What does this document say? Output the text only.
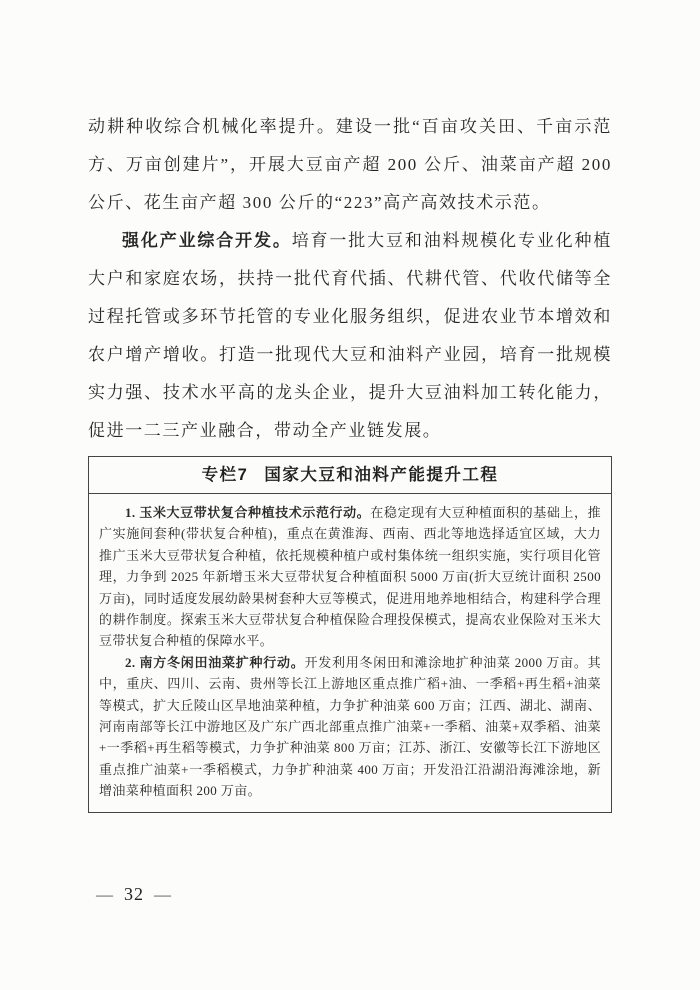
动耕种收综合机械化率提升。建设一批“百亩攻关田、千亩示范方、万亩创建片”，开展大豆亩产超 200 公斤、油菜亩产超 200 公斤、花生亩产超 300 公斤的“223”高产高效技术示范。

强化产业综合开发。培育一批大豆和油料规模化专业化种植大户和家庭农场，扶持一批代育代插、代耕代管、代收代储等全过程托管或多环节托管的专业化服务组织，促进农业节本增效和农户增产增收。打造一批现代大豆和油料产业园，培育一批规模实力强、技术水平高的龙头企业，提升大豆油料加工转化能力，促进一二三产业融合，带动全产业链发展。

专栏7 国家大豆和油料产能提升工程

1. 玉米大豆带状复合种植技术示范行动。在稳定现有大豆种植面积的基础上，推广实施间套种(带状复合种植)，重点在黄淮海、西南、西北等地选择适宜区域，大力推广玉米大豆带状复合种植，依托规模种植户或村集体统一组织实施，实行项目化管理，力争到 2025 年新增玉米大豆带状复合种植面积 5000 万亩(折大豆统计面积 2500 万亩)，同时适度发展幼龄果树套种大豆等模式，促进用地养地相结合，构建科学合理的耕作制度。探索玉米大豆带状复合种植保险合理投保模式，提高农业保险对玉米大豆带状复合种植的保障水平。

2. 南方冬闲田油菜扩种行动。开发利用冬闲田和滩涂地扩种油菜 2000 万亩。其中，重庆、四川、云南、贵州等长江上游地区重点推广稻+油、一季稻+再生稻+油菜等模式，扩大丘陵山区旱地油菜种植，力争扩种油菜 600 万亩；江西、湖北、湖南、河南南部等长江中游地区及广东广西北部重点推广油菜+一季稻、油菜+双季稻、油菜+一季稻+再生稻等模式，力争扩种油菜 800 万亩；江苏、浙江、安徽等长江下游地区重点推广油菜+一季稻模式，力争扩种油菜 400 万亩；开发沿江沿湖沿海滩涂地，新增油菜种植面积 200 万亩。

— 32 —
